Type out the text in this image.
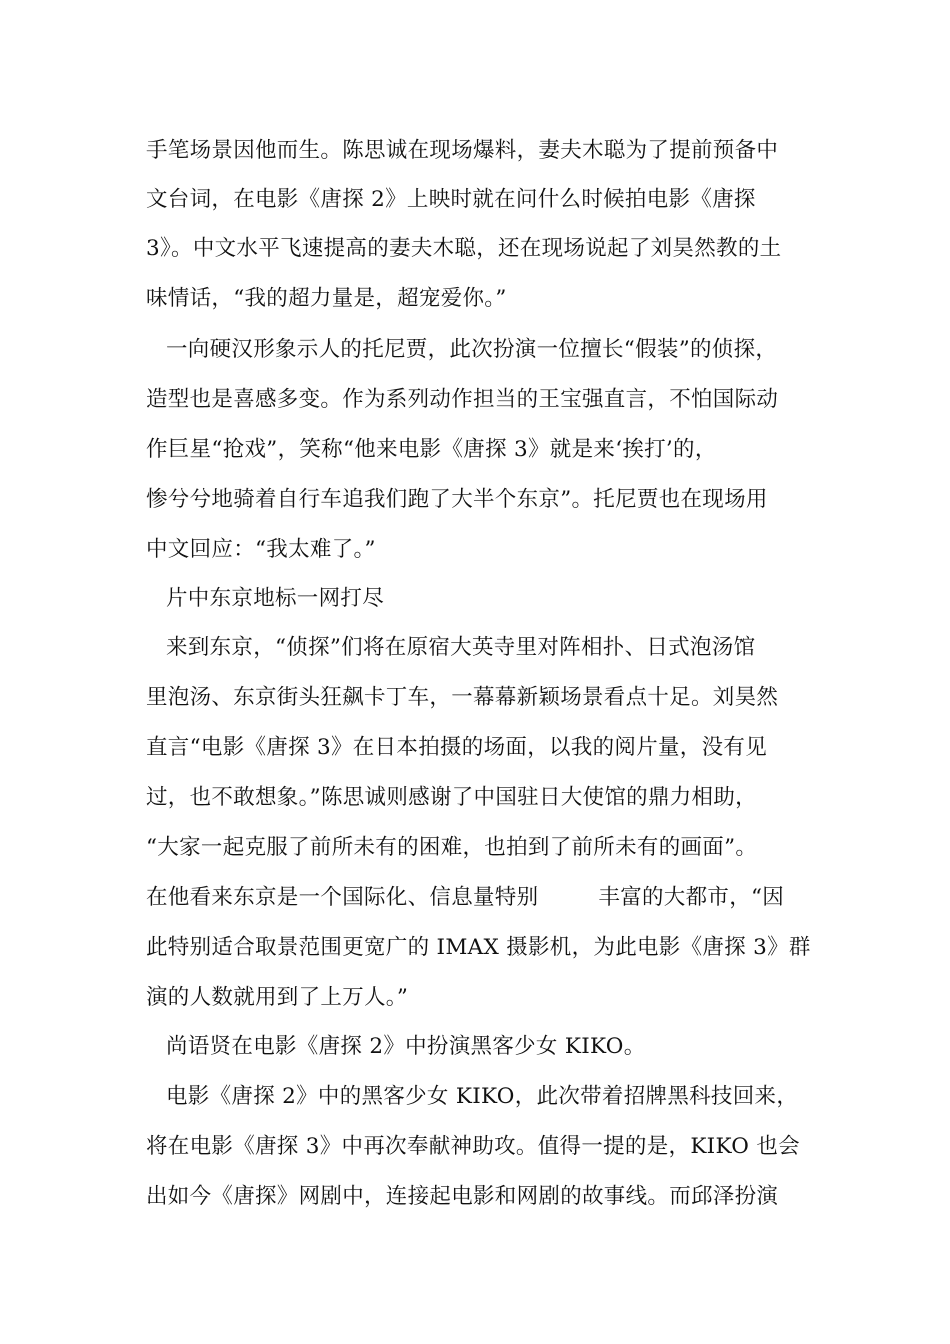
手笔场景因他而生。陈思诚在现场爆料，妻夫木聪为了提前预备中
文台词，在电影《唐探 2》上映时就在问什么时候拍电影《唐探
3》。中文水平飞速提高的妻夫木聪，还在现场说起了刘昊然教的土
味情话，“我的超力量是，超宠爱你。”
一向硬汉形象示人的托尼贾，此次扮演一位擅长“假装”的侦探，
造型也是喜感多变。作为系列动作担当的王宝强直言，不怕国际动
作巨星“抢戏”，笑称“他来电影《唐探 3》就是来‘挨打’的，
惨兮兮地骑着自行车追我们跑了大半个东京”。托尼贾也在现场用
中文回应：“我太难了。”
片中东京地标一网打尽
来到东京，“侦探”们将在原宿大英寺里对阵相扑、日式泡汤馆
里泡汤、东京街头狂飙卡丁车，一幕幕新颖场景看点十足。刘昊然
直言“电影《唐探 3》在日本拍摄的场面，以我的阅片量，没有见
过，也不敢想象。”陈思诚则感谢了中国驻日大使馆的鼎力相助，
“大家一起克服了前所未有的困难，也拍到了前所未有的画面”。
在他看来东京是一个国际化、信息量特别	丰富的大都市，“因
此特别适合取景范围更宽广的 IMAX 摄影机，为此电影《唐探 3》群
演的人数就用到了上万人。”
尚语贤在电影《唐探 2》中扮演黑客少女 KIKO。
电影《唐探 2》中的黑客少女 KIKO，此次带着招牌黑科技回来，
将在电影《唐探 3》中再次奉献神助攻。值得一提的是，KIKO 也会
出如今《唐探》网剧中，连接起电影和网剧的故事线。而邱泽扮演
